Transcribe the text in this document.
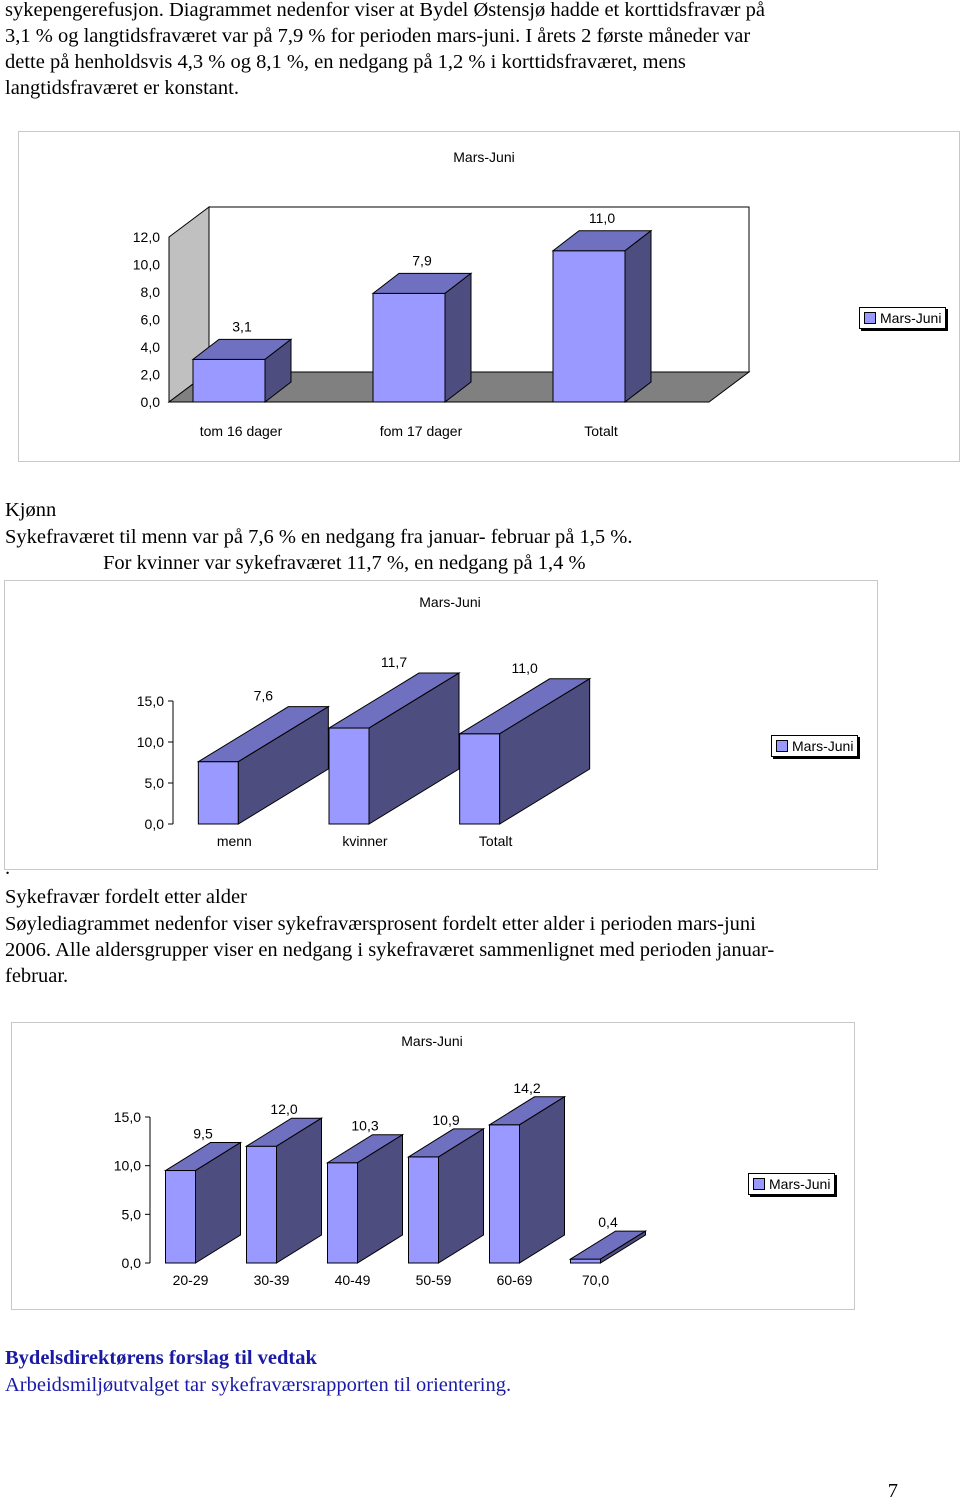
sykepengerefusjon. Diagrammet nedenfor viser at Bydel Østensjø hadde et korttidsfravær på

3,1 % og langtidsfraværet var på 7,9 % for perioden mars-juni. I årets 2 første måneder var

dette på henholdsvis 4,3 % og 8,1 %, en nedgang på 1,2 % i korttidsfraværet, mens

langtidsfraværet er konstant.

Mars-Juni
0,0
2,0
4,0
6,0
8,0
10,0
12,0
3,1
tom 16 dager
7,9
fom 17 dager
11,0
Totalt
Mars-Juni

Kjønn

Sykefraværet til menn var på 7,6 % en nedgang fra januar- februar på 1,5 %.

For kvinner var sykefraværet 11,7 %, en nedgang på 1,4 %

Mars-Juni
0,0
5,0
10,0
15,0	7,6
menn
11,7
kvinner
11,0
Totalt
Mars-Juni

.

Sykefravær fordelt etter alder

Søylediagrammet nedenfor viser sykefraværsprosent fordelt etter alder i perioden mars-juni

2006. Alle aldersgrupper viser en nedgang i sykefraværet sammenlignet med perioden januar-

februar.

Mars-Juni
0,0
5,0
10,0
15,0
9,5
20-29
12,0
30-39
10,3
40-49
10,9
50-59
14,2
60-69
0,4
70,0
Mars-Juni

Bydelsdirektørens forslag til vedtak

Arbeidsmiljøutvalget tar sykefraværsrapporten til orientering.

7
